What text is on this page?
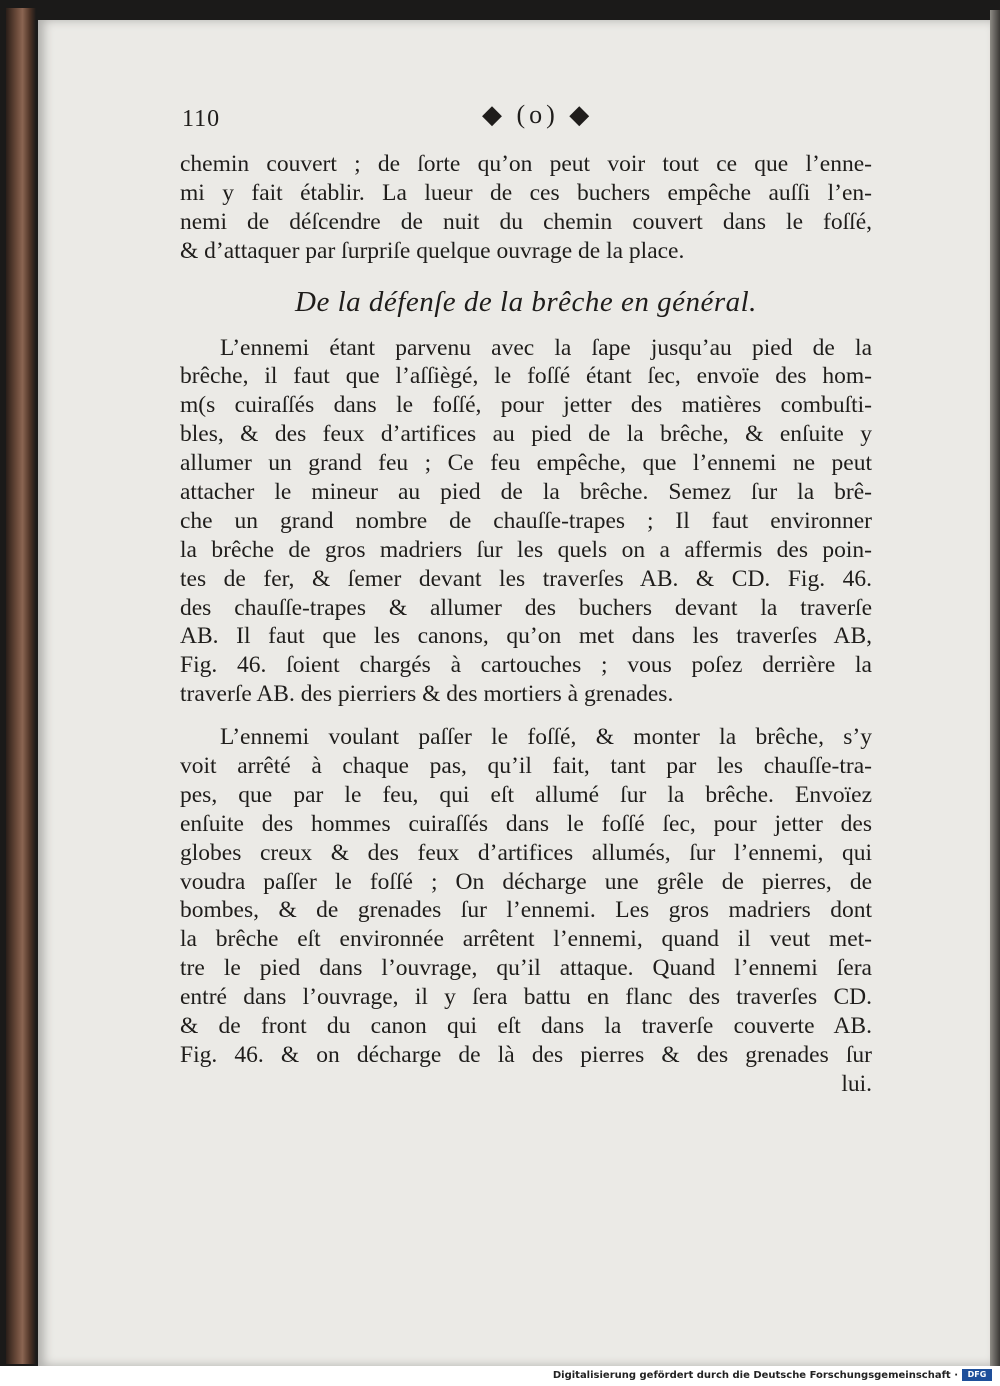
110	◆ (o) ◆
chemin couvert ; de ſorte qu’on peut voir tout ce que l’enne-
mi y fait établir. La lueur de ces buchers empêche auſſi l’en-
nemi de déſcendre de nuit du chemin couvert dans le foſſé,
& d’attaquer par ſurpriſe quelque ouvrage de la place.
De la défenſe de la brêche en général.
L’ennemi étant parvenu avec la ſape jusqu’au pied de la
brêche, il faut que l’aſſiègé, le foſſé étant ſec, envoïe des hom-
m(s cuiraſſés dans le foſſé, pour jetter des matières combuſti-
bles, & des feux d’artifices au pied de la brêche, & enſuite y
allumer un grand feu ; Ce feu empêche, que l’ennemi ne peut
attacher le mineur au pied de la brêche. Semez ſur la brê-
che un grand nombre de chauſſe-trapes ; Il faut environner
la brêche de gros madriers ſur les quels on a affermis des poin-
tes de fer, & ſemer devant les traverſes AB. & CD. Fig. 46.
des chauſſe-trapes & allumer des buchers devant la traverſe
AB. Il faut que les canons, qu’on met dans les traverſes AB,
Fig. 46. ſoient chargés à cartouches ; vous poſez derrière la
traverſe AB. des pierriers & des mortiers à grenades.
L’ennemi voulant paſſer le foſſé, & monter la brêche, s’y
voit arrêté à chaque pas, qu’il fait, tant par les chauſſe-tra-
pes, que par le feu, qui eſt allumé ſur la brêche. Envoïez
enſuite des hommes cuiraſſés dans le foſſé ſec, pour jetter des
globes creux & des feux d’artifices allumés, ſur l’ennemi, qui
voudra paſſer le foſſé ; On décharge une grêle de pierres, de
bombes, & de grenades ſur l’ennemi. Les gros madriers dont
la brêche eſt environnée arrêtent l’ennemi, quand il veut met-
tre le pied dans l’ouvrage, qu’il attaque. Quand l’ennemi ſera
entré dans l’ouvrage, il y ſera battu en flanc des traverſes CD.
& de front du canon qui eſt dans la traverſe couverte AB.
Fig. 46. & on décharge de là des pierres & des grenades ſur
lui.
Digitalisierung gefördert durch die Deutsche Forschungsgemeinschaft ·	DFG
